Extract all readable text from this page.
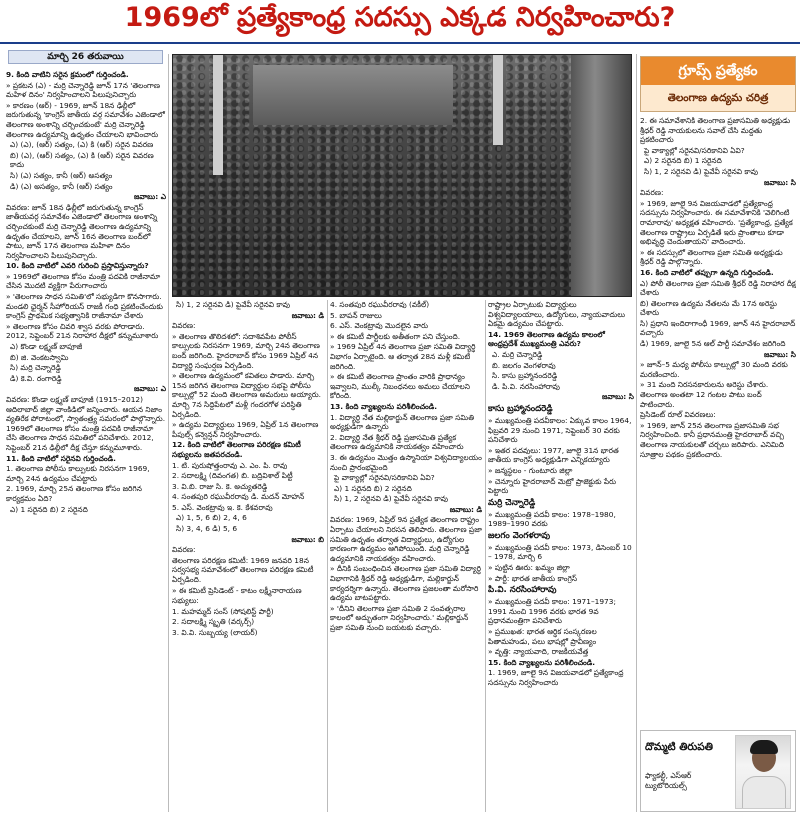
1969లో ప్రత్యేకాంధ్ర సదస్సు ఎక్కడ నిర్వహించారు?
మార్చి 26 తరువాయి

9. కింది వాటిని సరైన క్రమంలో గుర్తించండి.

» ప్రకటన (ఎ) - మర్రి చెన్నారెడ్డి జూన్ 17న 'తెలంగాణ మహిళ దినం' నిర్వహించాలని పిలుపునిచ్చారు

» కారణం (ఆర్) - 1969, జూన్ 18న ఢిల్లీలో జరుగుతున్న 'కాంగ్రెస్ జాతీయ వర్గ సమావేశం ఎజెండాలో తెలంగాణ అంశాన్ని చర్చించకుంటే' మర్రి చెన్నారెడ్డి తెలంగాణ ఉద్యమాన్ని ఉధృతం చేయాలని భావించారు

ఎ) (ఎ), (ఆర్) సత్యం, (ఎ) కి (ఆర్) సరైన వివరణ

బి) (ఎ), (ఆర్) సత్యం, (ఎ) కి (ఆర్) సరైన వివరణ కాదు

సి) (ఎ) సత్యం, కానీ (ఆర్) అసత్యం

డి) (ఎ) అసత్యం, కానీ (ఆర్) సత్యం

జవాబు: ఎ

వివరణ: జూన్ 18న ఢిల్లీలో జరుగుతున్న కాంగ్రెస్ జాతీయవర్గ సమావేశం ఎజెండాలో తెలంగాణ అంశాన్ని చర్చించకుంటే మర్రి చెన్నారెడ్డి తెలంగాణ ఉద్యమాన్ని ఉధృతం చేయాలని, జూన్ 16న తెలంగాణ బంద్‌లో పాటు, జూన్ 17న తెలంగాణ మహిళా దినం నిర్వహించాలని పిలుపునిచ్చారు.

10. కింది వాటిలో ఎవరి గురించి ప్రస్తావిస్తున్నారు?

» 1969లో తెలంగాణ కోసం మంత్రి పదవికి రాజీనామా చేసిన మొదటి వ్యక్తిగా పేరుగాంచారు

» 'తెలంగాణ సాధన సమితి'లో సభ్యుడిగా కొనసాగారు. మండలి ఛైర్మన్ సీహోరియస్ రాజకీ గంధి ప్రకటించేందుకు కాంగ్రెస్ ప్రాథమిక సభ్యత్వానికి రాజీనామా చేశారు

» తెలంగాణ కోసం చివరి శ్వాస వరకు పోరాడారు. 2012, సెప్టెంబర్ 21న నిరాహార దీక్షలో కన్నుమూశారు

ఎ) కొండా లక్ష్మణ్ బాపూజీ

బి) జి. వెంకటస్వామి

సి) మర్రి చెన్నారెడ్డి

డి) కె.వి. రంగారెడ్డి

జవాబు: ఎ

వివరణ: కొండా లక్ష్మణ్ బాపూజీ (1915–2012) ఆదిలాబాద్ జిల్లా వాంకిడిలో జన్మించారు. ఆయన నిజాం వ్యతిరేక పోరాటంలో, స్వాతంత్ర్య సమరంలో పాల్గొన్నారు. 1969లో తెలంగాణ కోసం మంత్రి పదవికి రాజీనామా చేసి తెలంగాణ సాధన సమితిలో పనిచేశారు. 2012, సెప్టెంబర్ 21న ఢిల్లీలో దీక్ష చేస్తూ కన్నుమూశారు.

11. కింది వాటిలో సరైనవి గుర్తించండి.

1. తెలంగాణ పోలీసు కాల్పులకు నిరసనగా 1969, మార్చి 24న ఉద్యమం చేపట్టారు

2. 1969, మార్చి 25న తెలంగాణ కోసం జరిగిన కార్యక్రమం ఏది?

ఎ) 1 సరైనది బి) 2 సరైనది

సి) 1, 2 సరైనవి డి) పైవేవీ సరైనవి కావు

జవాబు: డి

వివరణ:

» తెలంగాణ తొలిదశలో: సదాశివపేట పోలీస్ కాల్పులకు నిరసనగా 1969, మార్చి 24న తెలంగాణ బంద్ జరిగింది. హైదరాబాద్ కోసం 1969 ఏప్రిల్ 4న విద్యార్థి సంఘర్షణ ఏర్పడింది.

» తెలంగాణ ఉద్యమంలో కవితలు పాడారు. మార్చి 15న జరిగిన తెలంగాణ విద్యార్థుల సభపై పోలీసు కాల్పుల్లో 52 మంది తెలంగాణ అమరులు అయ్యారు. మార్చి 7న సిద్దిపేటలో మళ్లీ గందరగోళ పరిస్థితి ఏర్పడింది.

» ఉద్యమ విద్యార్థులు 1969, ఏప్రిల్ 1న తెలంగాణ పీపుల్స్ కన్వెన్షన్ నిర్వహించారు.

12. కింది వాటిలో తెలంగాణ పరిరక్షణ కమిటీ సభ్యులను జతపరచండి.

1. టి. పురుషోత్తంరావు ఎ. ఎం. పి. రావు

2. సదాలక్ష్మి (దివంగత) బి. బద్రివిశాల్ పిట్టీ

3. వి.బి. రాజు సి. కె. అచ్యుతరెడ్డి

4. సంతపురి రఘువీరరావు డి. మదన్ మోహన్

5. ఎస్. వెంకట్రావు ఇ. కె. కేశవరావు

ఎ) 1, 5, 6 బి) 2, 4, 6

సి) 3, 4, 6 డి) 5, 6

జవాబు: బి

వివరణ:

తెలంగాణ పరిరక్షణ కమిటీ: 1969 జనవరి 18న సర్వసభ్య సమావేశంలో తెలంగాణ పరిరక్షణ కమిటీ ఏర్పడింది.

» ఈ కమిటీ ప్రెసిడెంట్ - కాటం లక్ష్మీనారాయణ

సభ్యులు:

1. మహమ్మద్ సంస్ (సోషలిస్ట్ పార్టీ)

2. సదాలక్ష్మి స్మృతి (వర్కర్స్)

3. వి.వి. సుబ్బయ్య (లాయర్)

4. సంతపురి రఘువీరరావు (వకీల్)

5. బాపన్ రాజులు

6. ఎస్. వెంకట్రావు మొదలైన వారు

» ఈ కమిటీ పార్టీలకు అతీతంగా పని చేస్తుంది.

» 1969 ఏప్రిల్ 4న తెలంగాణ ప్రజా సమితి విద్యార్థి విభాగం ఏర్పాటైంది. ఆ తర్వాత 28న మళ్లీ కమిటీ జరిగింది.

» ఈ కమిటీ తెలంగాణ ప్రాంతం వారికి ప్రాధాన్యం ఇవ్వాలని, ముల్కీ నిబంధనలు అమలు చేయాలని కోరింది.

13. కింది వ్యాఖ్యలను పరిశీలించండి.

1. విద్యార్థి నేత మల్లికార్జున్ తెలంగాణ ప్రజా సమితి అధ్యక్షుడిగా ఉన్నారు

2. విద్యార్థి నేత శ్రీధర్ రెడ్డి ప్రజాసమితి ప్రత్యేక తెలంగాణ ఉద్యమానికి నాయకత్వం వహించారు

3. ఈ ఉద్యమం మొత్తం ఉస్మానియా విశ్వవిద్యాలయం నుంచి ప్రారంభమైంది

పై వాక్యాల్లో సరైనవి/సరికానివి ఏవి?

ఎ) 1 సరైనది బి) 2 సరైనది

సి) 1, 2 సరైనవి డి) పైవేవీ సరైనవి కావు

జవాబు: డి

వివరణ: 1969, ఏప్రిల్ 9న ప్రత్యేక తెలంగాణ రాష్ట్రం ఏర్పాటు చేయాలని నిరసన తెలిపారు. తెలంగాణ ప్రజా సమితి ఉధృతం తర్వాత విద్యార్థులు, ఉద్యోగుల కారణంగా ఉద్యమం ఆగిపోయింది. మర్రి చెన్నారెడ్డి ఉద్యమానికి నాయకత్వం వహించారు.

» దీనికి సంబంధించిన తెలంగాణ ప్రజా సమితి విద్యార్థి విభాగానికి శ్రీధర్ రెడ్డి అధ్యక్షుడిగా, మల్లికార్జున్ కార్యదర్శిగా ఉన్నారు. తెలంగాణ ప్రజలంతా మరోసారి ఉద్యమ బాటపట్టారు.

» 'దీనిని తెలంగాణ ప్రజా సమితి 2 సంవత్సరాల కాలంలో అద్భుతంగా నిర్వహించారు.' మల్లికార్జున్ ప్రజా సమితి నుంచి బయటకు వచ్చారు.

రాష్ట్రాల ఏర్పాటుకు విద్యార్థులు విశ్వవిద్యాలయాలు, ఉద్యోగులు, న్యాయవాదులు ఏకమై ఉద్యమం చేపట్టారు.

14. 1969 తెలంగాణ ఉద్యమ కాలంలో ఆంధ్రప్రదేశ్ ముఖ్యమంత్రి ఎవరు?

ఎ. మర్రి చెన్నారెడ్డి

బి. జలగం వెంగళరావు

సి. కాసు బ్రహ్మానందరెడ్డి

డి. పి.వి. నరసింహారావు

జవాబు: సి

కాసు బ్రహ్మానందరెడ్డి

» ముఖ్యమంత్రి పదవీకాలం: ఏక్కువ కాలం 1964, ఫిబ్రవరి 29 నుంచి 1971, సెప్టెంబర్ 30 వరకు పనిచేశారు

» ఇతర పదవులు: 1977, జూలై 31న భారత జాతీయ కాంగ్రెస్ అధ్యక్షుడిగా ఎన్నికయ్యారు

» జన్మస్థలం - గుంటూరు జిల్లా

» చెన్నూరు హైదరాబాద్ మెట్రో ప్రాజెక్టుకు పేరు పెట్టారు

మర్రి చెన్నారెడ్డి

» ముఖ్యమంత్రి పదవీ కాలం: 1978–1980, 1989–1990 వరకు

జలగం వెంగళరావు

» ముఖ్యమంత్రి పదవీ కాలం: 1973, డిసెంబర్ 10 – 1978, మార్చి 6

» పుట్టిన ఊరు: ఖమ్మం జిల్లా

» పార్టీ: భారత జాతీయ కాంగ్రెస్

పి.వి. నరసింహారావు

» ముఖ్యమంత్రి పదవీ కాలం: 1971–1973; 1991 నుంచి 1996 వరకు భారత 9వ ప్రధానమంత్రిగా పనిచేశారు

» ప్రముఖత: భారత ఆర్థిక సంస్కరణల పితామహుడు, పలు భాషల్లో ప్రావీణ్యం

» వృత్తి: న్యాయవాది, రాజకీయవేత్త

15. కింది వ్యాఖ్యలను పరిశీలించండి.

1. 1969, జూలై 9న విజయవాడలో ప్రత్యేకాంధ్ర సదస్సును నిర్వహించారు

గ్రూప్స్ ప్రత్యేకం
తెలంగాణ ఉద్యమ చరిత్ర

2. ఈ సమావేశానికి తెలంగాణ ప్రజాసమితి అధ్యక్షుడు శ్రీధర్ రెడ్డి నాయకులను సవాల్ చేసి మద్దతు ప్రకటించారు

పై వాక్యాల్లో సరైనవి/సరికానివి ఏవి?

ఎ) 2 సరైనది బి) 1 సరైనది

సి) 1, 2 సరైనవి డి) పైవేవీ సరైనవి కావు

జవాబు: సి

వివరణ:

» 1969, జూలై 9న విజయవాడలో ప్రత్యేకాంధ్ర సదస్సును నిర్వహించారు. ఈ సమావేశానికి 'వెలిగింటి రామారావు' అధ్యక్షత వహించారు. 'ప్రత్యేకాంధ్ర, ప్రత్యేక తెలంగాణ రాష్ట్రాలు ఏర్పడితే ఇరు ప్రాంతాలు కూడా అభివృద్ధి చెందుతాయని' వాదించారు.

» ఈ సదస్సులో తెలంగాణ ప్రజా సమితి అధ్యక్షుడు శ్రీధర్ రెడ్డి పాల్గొన్నారు.

16. కింది వాటిలో తప్పుగా ఉన్నది గుర్తించండి.

ఎ) పోలీ తెలంగాణ ప్రజా సమితి శ్రీధర్ రెడ్డి నిరాహార దీక్ష చేశారు

బి) తెలంగాణ ఉద్యమ నేతలను మే 17న అరెస్టు చేశారు

సి) ప్రధాని ఇందిరాగాంధీ 1969, జూన్ 4న హైదరాబాద్ వచ్చారు

డి) 1969, జూలై 5న ఆల్ పార్టీ సమావేశం జరిగింది

జవాబు: సి

» జూన్–5 మధ్య పోలీసు కాల్పుల్లో 30 మంది వరకు మరణించారు.

» 31 మంది నిరసనకారులను అరెస్టు చేశారు. తెలంగాణ అంతటా 12 గంటల పాటు బంద్ పాటించారు.

ప్రెసిడెంట్ రూల్ వివరణలు:

» 1969, జూన్ 25న తెలంగాణ ప్రజాసమితి సభ నిర్వహించింది. కానీ ప్రధానమంత్రి హైదరాబాద్ వచ్చి తెలంగాణ నాయకులతో చర్చలు జరిపారు. ఎనిమిది సూత్రాల పథకం ప్రకటించారు.

దొమ్మటి తిరుపతి
ఫ్యాకల్టీ, ఎస్ఆర్ ట్యుటోరియల్స్
